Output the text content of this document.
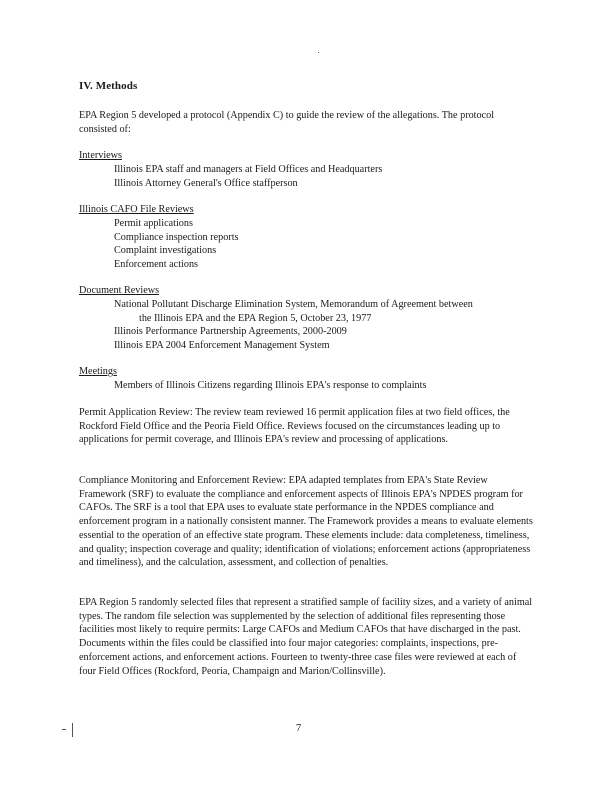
IV. Methods

EPA Region 5 developed a protocol (Appendix C) to guide the review of the allegations. The protocol consisted of:

Interviews
Illinois EPA staff and managers at Field Offices and Headquarters
Illinois Attorney General's Office staffperson
Illinois CAFO File Reviews
Permit applications
Compliance inspection reports
Complaint investigations
Enforcement actions
Document Reviews
National Pollutant Discharge Elimination System, Memorandum of Agreement between
the Illinois EPA and the EPA Region 5, October 23, 1977
Illinois Performance Partnership Agreements, 2000-2009
Illinois EPA 2004 Enforcement Management System
Meetings
Members of Illinois Citizens regarding Illinois EPA's response to complaints

Permit Application Review: The review team reviewed 16 permit application files at two field offices, the Rockford Field Office and the Peoria Field Office. Reviews focused on the circumstances leading up to applications for permit coverage, and Illinois EPA's review and processing of applications.

Compliance Monitoring and Enforcement Review: EPA adapted templates from EPA's State Review Framework (SRF) to evaluate the compliance and enforcement aspects of Illinois EPA's NPDES program for CAFOs. The SRF is a tool that EPA uses to evaluate state performance in the NPDES compliance and enforcement program in a nationally consistent manner. The Framework provides a means to evaluate elements essential to the operation of an effective state program. These elements include: data completeness, timeliness, and quality; inspection coverage and quality; identification of violations; enforcement actions (appropriateness and timeliness), and the calculation, assessment, and collection of penalties.

EPA Region 5 randomly selected files that represent a stratified sample of facility sizes, and a variety of animal types. The random file selection was supplemented by the selection of additional files representing those facilities most likely to require permits: Large CAFOs and Medium CAFOs that have discharged in the past. Documents within the files could be classified into four major categories: complaints, inspections, pre-enforcement actions, and enforcement actions. Fourteen to twenty-three case files were reviewed at each of four Field Offices (Rockford, Peoria, Champaign and Marion/Collinsville).

7
